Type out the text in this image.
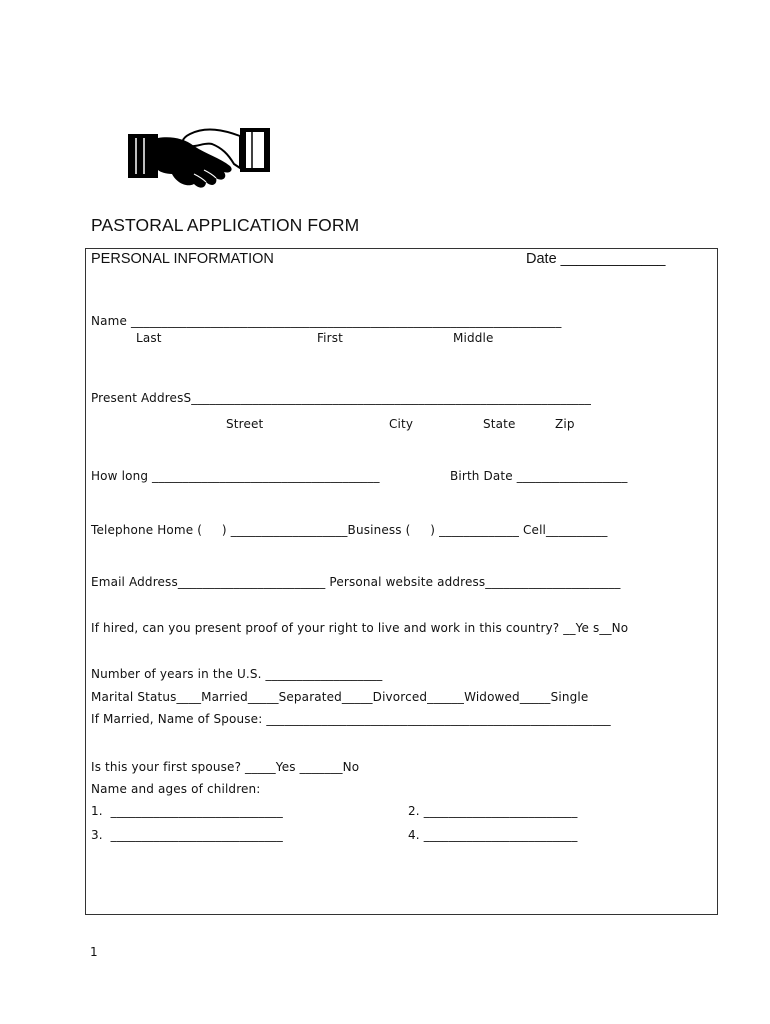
PASTORAL APPLICATION FORM
PERSONAL INFORMATION	Date _____________
Name ______________________________________________________________________
Last	First	Middle
Present AddresS_________________________________________________________________
Street	City	State	Zip
How long _____________________________________	Birth Date __________________
Telephone Home (     ) ___________________Business (     ) _____________ Cell__________
Email Address________________________ Personal website address______________________
If hired, can you present proof of your right to live and work in this country? __Ye s__No
Number of years in the U.S. ___________________
Marital Status____Married_____Separated_____Divorced______Widowed_____Single
If Married, Name of Spouse: ________________________________________________________
Is this your first spouse? _____Yes _______No
Name and ages of children:
1.  ____________________________	2. _________________________
3.  ____________________________	4. _________________________
1
